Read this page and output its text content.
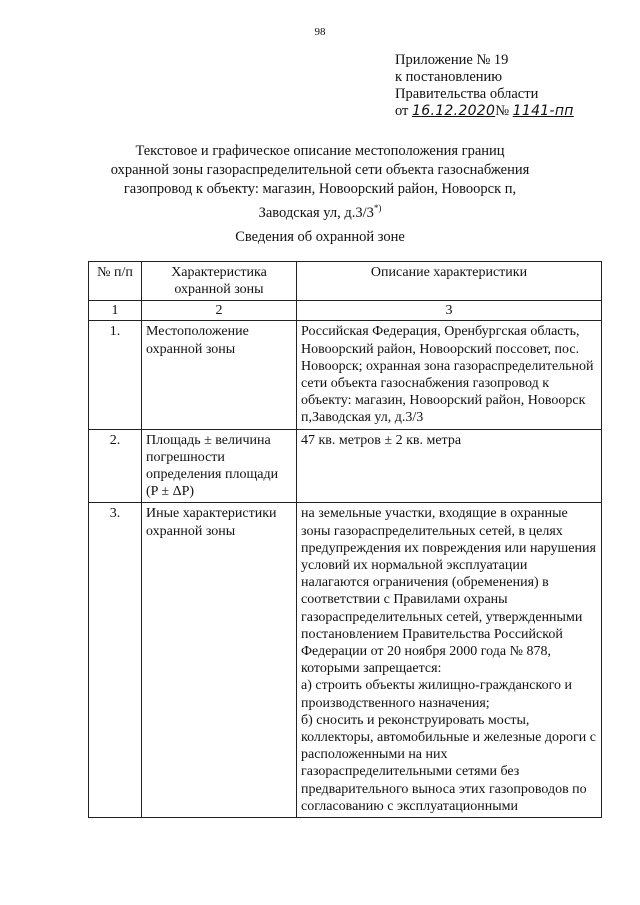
98
Приложение № 19
к постановлению
Правительства области
от 16.12.2020№ 1141-пп
Текстовое и графическое описание местоположения границ
охранной зоны газораспределительной сети объекта газоснабжения
газопровод к объекту: магазин, Новоорский район, Новоорск п,
Заводская ул, д.3/3*)
Сведения об охранной зоне
№ п/п	Характеристика охранной зоны	Описание характеристики
1	2	3
1.	Местоположение охранной зоны	Российская Федерация, Оренбургская область, Новоорский район, Новоорский поссовет, пос. Новоорск; охранная зона газораспределительной сети объекта газоснабжения газопровод к объекту: магазин, Новоорский район, Новоорск п,Заводская ул, д.3/3
2.	Площадь ± величина погрешности определения площади (P ± ΔP)	47 кв. метров ± 2 кв. метра
3.	Иные характеристики охранной зоны	на земельные участки, входящие в охранные зоны газораспределительных сетей, в целях предупреждения их повреждения или нарушения условий их нормальной эксплуатации налагаются ограничения (обременения) в соответствии с Правилами охраны газораспределительных сетей, утвержденными постановлением Правительства Российской Федерации от 20 ноября 2000 года № 878, которыми запрещается:
а) строить объекты жилищно-гражданского и производственного назначения;
б) сносить и реконструировать мосты, коллекторы, автомобильные и железные дороги с расположенными на них газораспределительными сетями без предварительного выноса этих газопроводов по согласованию с эксплуатационными
